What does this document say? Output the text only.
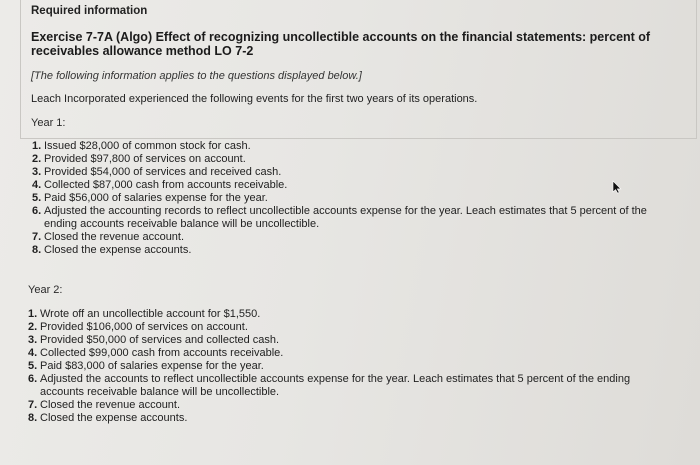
Required information
Exercise 7-7A (Algo) Effect of recognizing uncollectible accounts on the financial statements: percent of receivables allowance method LO 7-2
[The following information applies to the questions displayed below.]
Leach Incorporated experienced the following events for the first two years of its operations.
Year 1:
1. Issued $28,000 of common stock for cash.
2. Provided $97,800 of services on account.
3. Provided $54,000 of services and received cash.
4. Collected $87,000 cash from accounts receivable.
5. Paid $56,000 of salaries expense for the year.
6. Adjusted the accounting records to reflect uncollectible accounts expense for the year. Leach estimates that 5 percent of the ending accounts receivable balance will be uncollectible.
7. Closed the revenue account.
8. Closed the expense accounts.
Year 2:
1. Wrote off an uncollectible account for $1,550.
2. Provided $106,000 of services on account.
3. Provided $50,000 of services and collected cash.
4. Collected $99,000 cash from accounts receivable.
5. Paid $83,000 of salaries expense for the year.
6. Adjusted the accounts to reflect uncollectible accounts expense for the year. Leach estimates that 5 percent of the ending accounts receivable balance will be uncollectible.
7. Closed the revenue account.
8. Closed the expense accounts.
